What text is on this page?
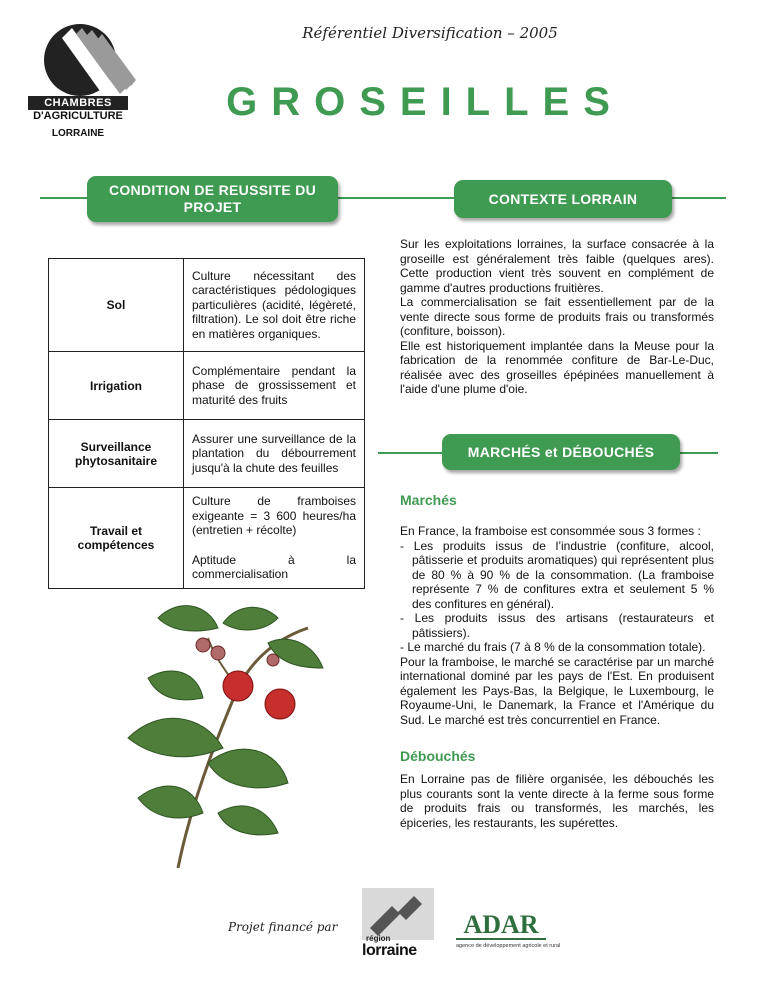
CHAMBRES
D'AGRICULTURE
LORRAINE
Référentiel Diversification – 2005
GROSEILLES
CONDITION DE REUSSITE DU PROJET
Sol	Culture nécessitant des caractéristiques pédologiques particulières (acidité, légèreté, filtration). Le sol doit être riche en matières organiques.
Irrigation	Complémentaire pendant la phase de grossissement et maturité des fruits
Surveillance phytosanitaire	Assurer une surveillance de la plantation du débourrement jusqu'à la chute des feuilles
Travail et compétences	Culture de framboises exigeante = 3 600 heures/ha (entretien + récolte)
Aptitude à la commercialisation
CONTEXTE LORRAIN
Sur les exploitations lorraines, la surface consacrée à la groseille est généralement très faible (quelques ares). Cette production vient très souvent en complément de gamme d'autres productions fruitières.
La commercialisation se fait essentiellement par de la vente directe sous forme de produits frais ou transformés (confiture, boisson).
Elle est historiquement implantée dans la Meuse pour la fabrication de la renommée confiture de Bar-Le-Duc, réalisée avec des groseilles épépinées manuellement à l'aide d'une plume d'oie.
MARCHÉS et DÉBOUCHÉS
Marchés
En France, la framboise est consommée sous 3 formes :
- Les produits issus de l’industrie (confiture, alcool, pâtisserie et produits aromatiques) qui représentent plus de 80 % à 90 % de la consommation. (La framboise représente 7 % de confitures extra et seulement 5 % des confitures en général).
- Les produits issus des artisans (restaurateurs et pâtissiers).
- Le marché du frais (7 à 8 % de la consommation totale).
Pour la framboise, le marché se caractérise par un marché international dominé par les pays de l'Est. En produisent également les Pays-Bas, la Belgique, le Luxembourg, le Royaume-Uni, le Danemark, la France et l'Amérique du Sud. Le marché est très concurrentiel en France.
Débouchés
En Lorraine pas de filière organisée, les débouchés les plus courants sont la vente directe à la ferme sous forme de produits frais ou transformés, les marchés, les épiceries, les restaurants, les supérettes.
Projet financé par
région
lorraine
ADAR
agence de développement agricole et rural
